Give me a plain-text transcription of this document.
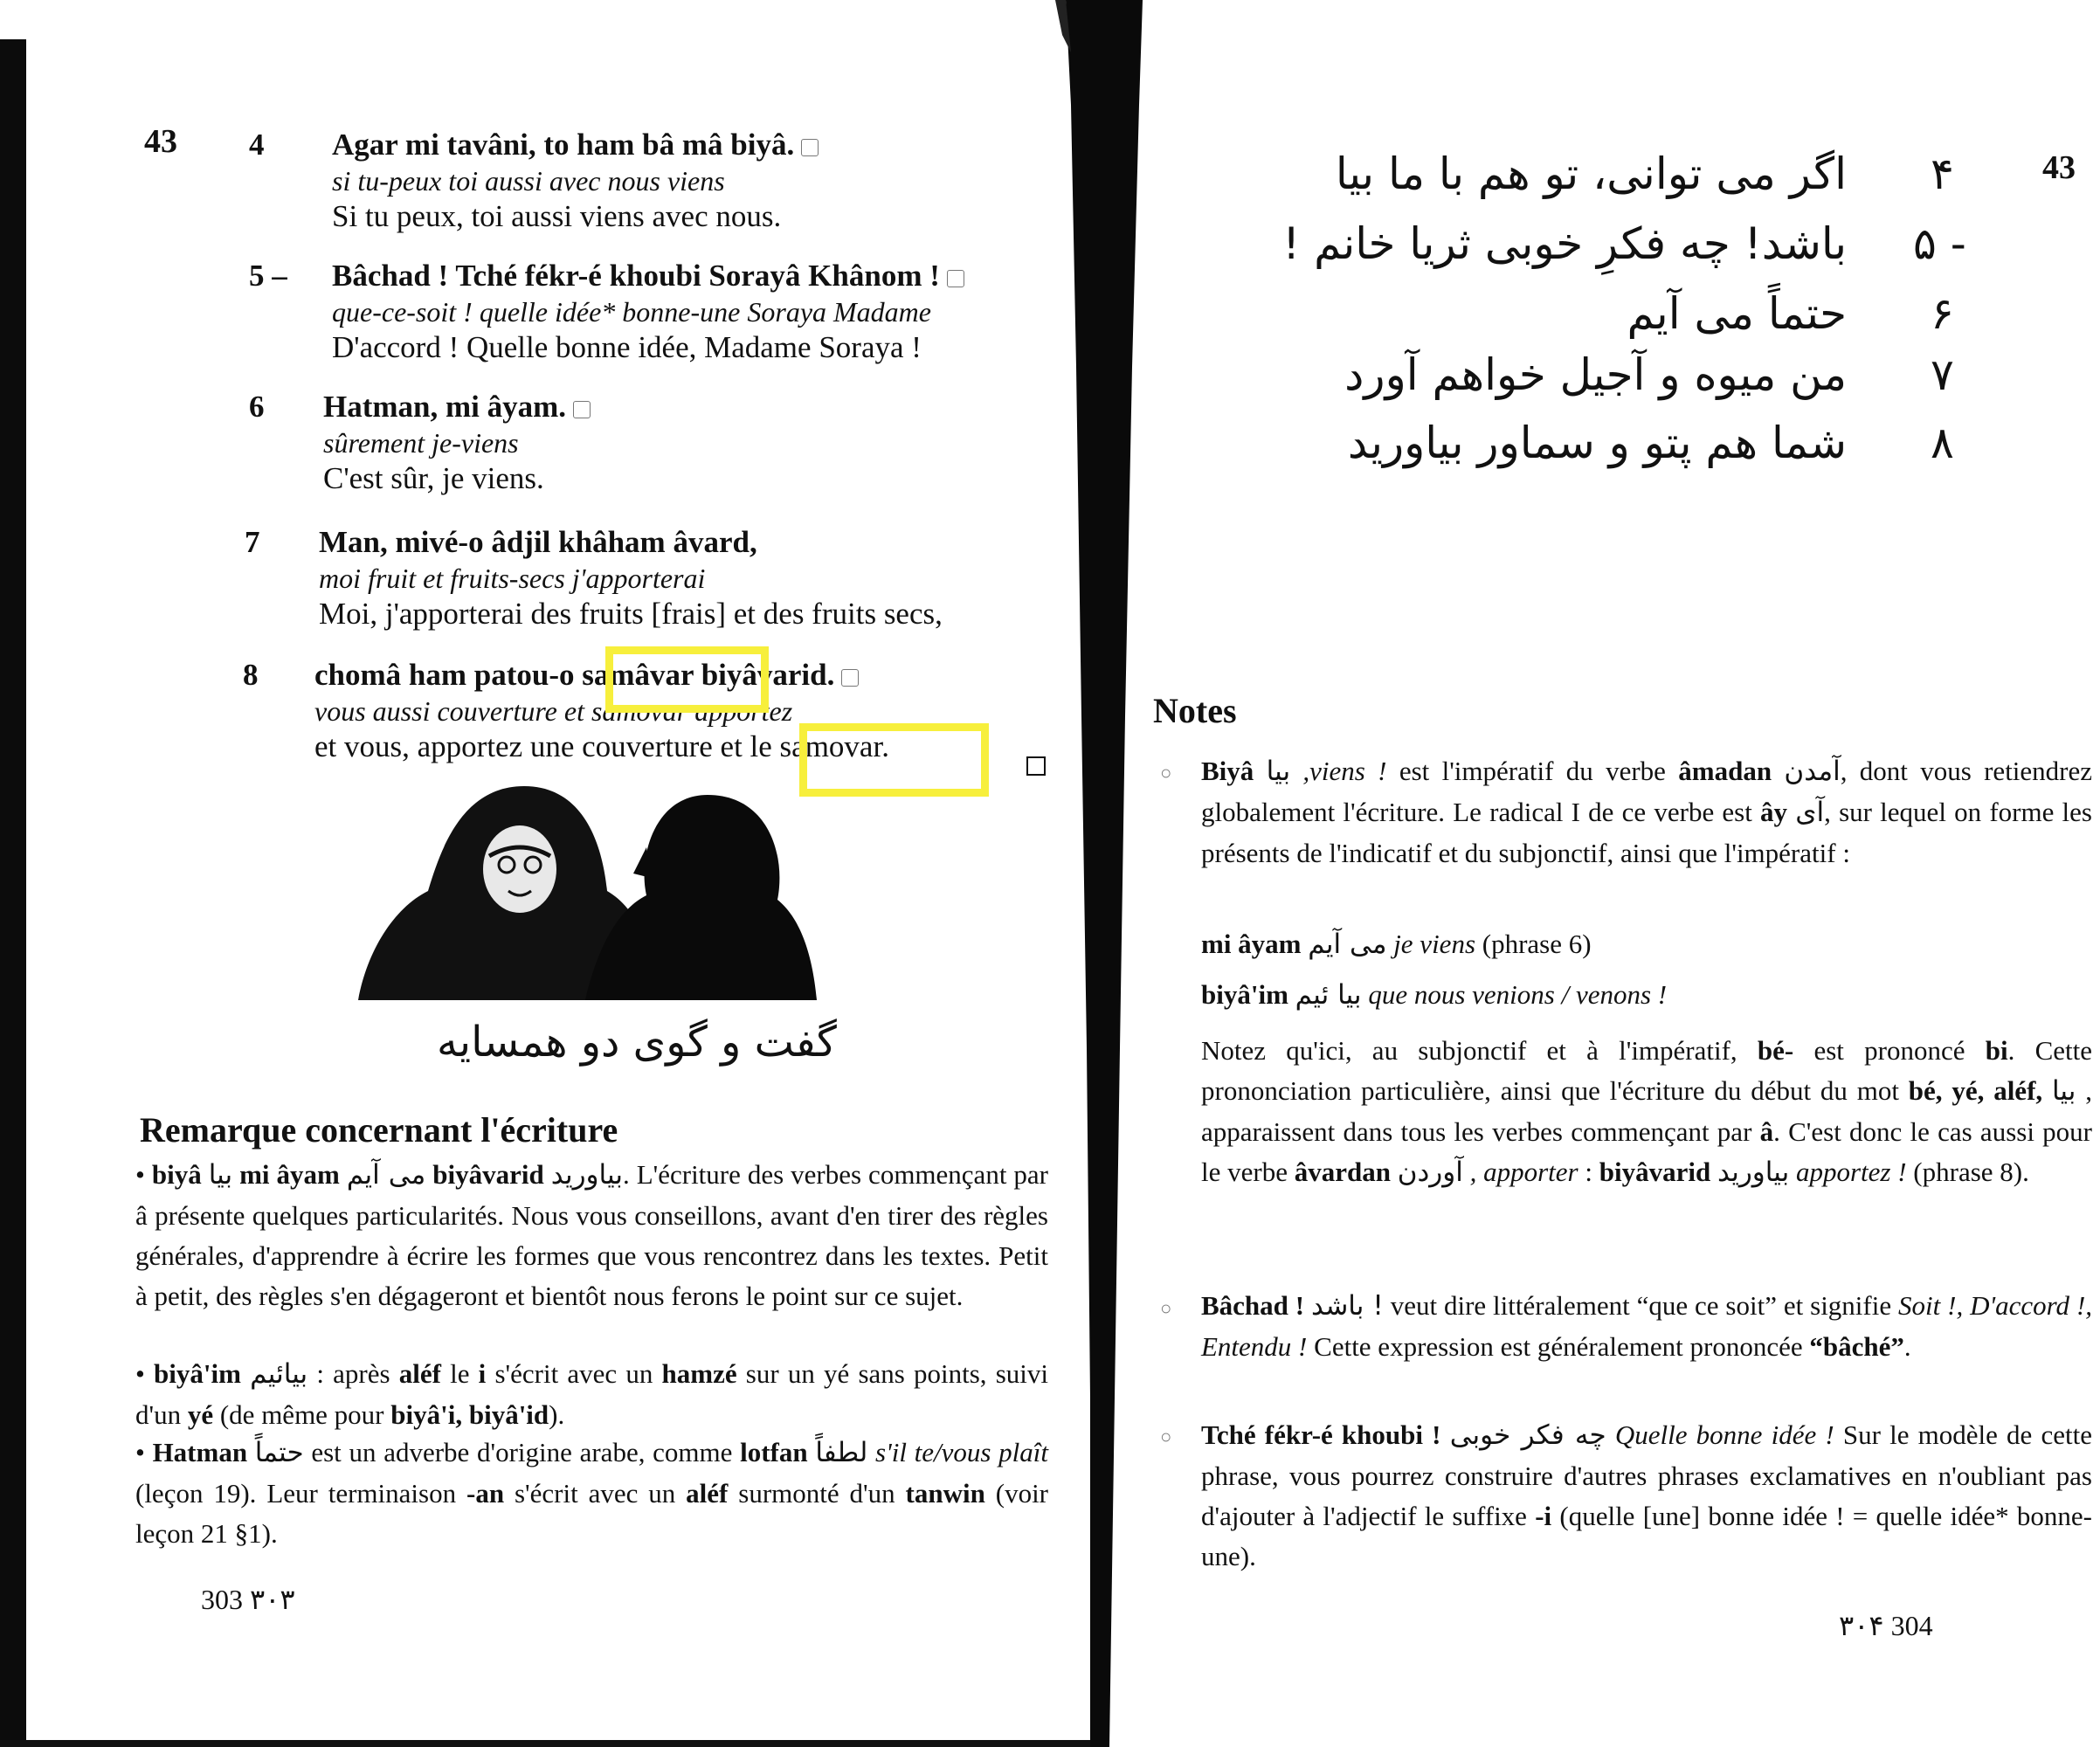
43 4 Agar mi tavâni, to ham bâ mâ biyâ.
si tu-peux toi aussi avec nous viens
Si tu peux, toi aussi viens avec nous.
5 – Bâchad ! Tché fékr-é khoubi Sorayâ Khânom !
que-ce-soit ! quelle idée* bonne-une Soraya Madame
D'accord ! Quelle bonne idée, Madame Soraya !
6 Hatman, mi âyam.
sûrement je-viens
C'est sûr, je viens.
7 Man, mivé-o âdjil khâham âvard,
moi fruit et fruits-secs j'apporterai
Moi, j'apporterai des fruits [frais] et des fruits secs,
8 chomâ ham patou-o samâvar biyâvarid.
vous aussi couverture et samovar apportez
et vous, apportez une couverture et le samovar.
گفت و گوی دو همسایه
Remarque concernant l'écriture
• biyâ بیا mi âyam می آیم biyâvarid بیاورید. L'écriture des verbes commençant par â présente quelques particularités. Nous vous conseillons, avant d'en tirer des règles générales, d'apprendre à écrire les formes que vous rencontrez dans les textes. Petit à petit, des règles s'en dégageront et bientôt nous ferons le point sur ce sujet.
• biyâ'im بیائیم : après aléf le i s'écrit avec un hamzé sur un yé sans points, suivi d'un yé (de même pour biyâ'i, biyâ'id).
• Hatman حتماً est un adverbe d'origine arabe, comme lotfan لطفاً s'il te/vous plaît (leçon 19). Leur terminaison -an s'écrit avec un aléf surmonté d'un tanwin (voir leçon 21 §1).
303 ۳۰۳
43
۴
اگر می توانی، تو هم با ما بیا
۵ -
باشد! چه فکرِ خوبی ثریا خانم !
۶
حتماً می آیم
۷
من میوه و آجیل خواهم آورد
۸
شما هم پتو و سماور بیاورید
Notes
○ Biyâ بیا ,viens ! est l'impératif du verbe âmadan آمدن, dont vous retiendrez globalement l'écriture. Le radical I de ce verbe est ây آی, sur lequel on forme les présents de l'indicatif et du subjonctif, ainsi que l'impératif :
mi âyam می آیم je viens (phrase 6)
biyâ'im بیا ئیم que nous venions / venons !
Notez qu'ici, au subjonctif et à l'impératif, bé- est prononcé bi. Cette prononciation particulière, ainsi que l'écriture du début du mot bé, yé, aléf, بیا , apparaissent dans tous les verbes commençant par â. C'est donc le cas aussi pour le verbe âvardan آوردن , apporter : biyâvarid بیاورید apportez ! (phrase 8).
○ Bâchad ! باشد ! veut dire littéralement “que ce soit” et signifie Soit !, D'accord !, Entendu ! Cette expression est généralement prononcée “bâché”.
○ Tché fékr-é khoubi ! چه فکر خوبی Quelle bonne idée ! Sur le modèle de cette phrase, vous pourrez construire d'autres phrases exclamatives en n'oubliant pas d'ajouter à l'adjectif le suffixe -i (quelle [une] bonne idée ! = quelle idée* bonne-une).
۳۰۴ 304
